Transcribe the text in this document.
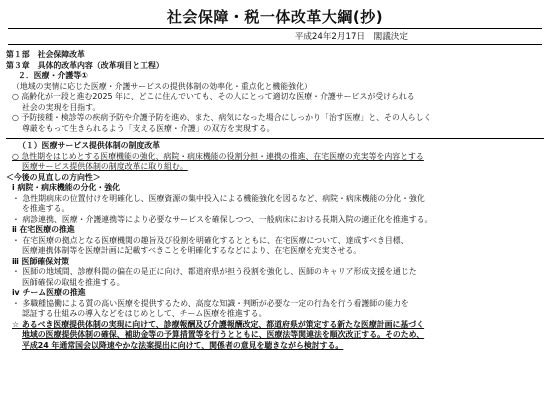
社会保障・税一体改革大綱(抄)
平成24年2月17日　閣議決定
第１部　社会保障改革
第３章　具体的改革内容（改革項目と工程）
２．医療・介護等①
（地域の実情に応じた医療・介護サービスの提供体制の効率化・重点化と機能強化）
○ 高齢化が一段と進む2025 年に、どこに住んでいても、その人にとって適切な医療・介護サービスが受けられる
社会の実現を目指す。
○ 予防接種・検診等の疾病予防や介護予防を進め、また、病気になった場合にしっかり「治す医療」と、その人らしく
尊厳をもって生きられるよう「支える医療・介護」の双方を実現する。
（１）医療サービス提供体制の制度改革
○ 急性期をはじめとする医療機能の強化、病院・病床機能の役割分担・連携の推進、在宅医療の充実等を内容とする
医療サービス提供体制の制度改革に取り組む。
＜今後の見直しの方向性＞
ⅰ 病院・病床機能の分化・強化
・ 急性期病床の位置付けを明確化し、医療資源の集中投入による機能強化を図るなど、病院・病床機能の分化・強化
を推進する。
・ 病診連携、医療・介護連携等により必要なサービスを確保しつつ、一般病床における長期入院の適正化を推進する。
ⅱ 在宅医療の推進
・ 在宅医療の拠点となる医療機関の趣旨及び役割を明確化するとともに、在宅医療について、達成すべき目標、
医療連携体制等を医療計画に記載すべきことを明確化するなどにより、在宅医療を充実させる。
ⅲ 医師確保対策
・ 医師の地域間、診療科間の偏在の是正に向け、都道府県が担う役割を強化し、医師のキャリア形成支援を通じた
医師確保の取組を推進する。
ⅳ チーム医療の推進
・ 多職種協働による質の高い医療を提供するため、高度な知識・判断が必要な一定の行為を行う看護師の能力を
認証する仕組みの導入などをはじめとして、チーム医療を推進する。
☆ あるべき医療提供体制の実現に向けて、診療報酬及び介護報酬改定、都道府県が策定する新たな医療計画に基づく
地域の医療提供体制の確保、補助金等の予算措置等を行うとともに、医療法等関連法を順次改正する。そのため、
平成24 年通常国会以降速やかな法案提出に向けて、関係者の意見を聴きながら検討する。
